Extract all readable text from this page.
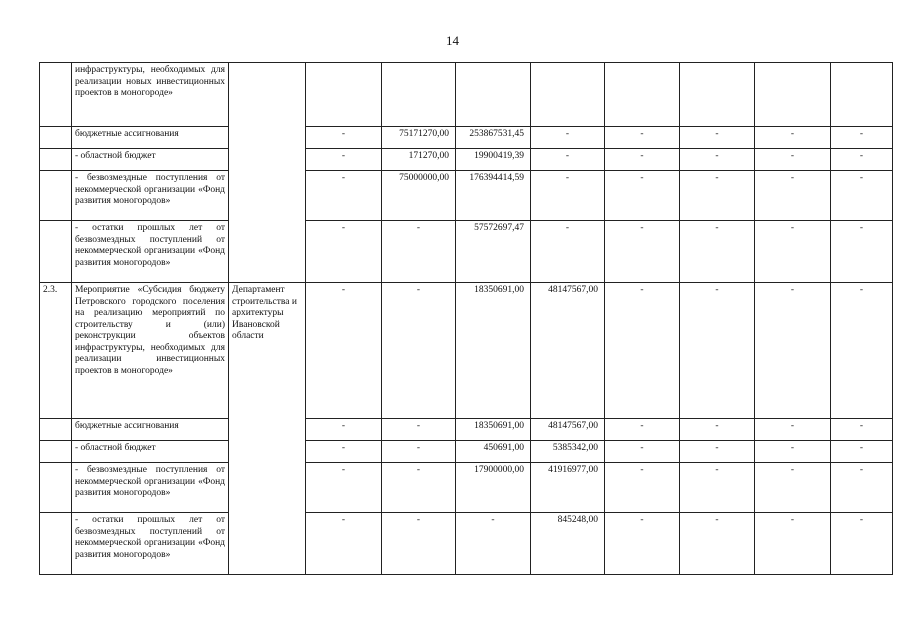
14
	инфраструктуры, необходимых для реализации новых инвестиционных проектов в моногороде»									
	бюджетные ассигнования		-	75171270,00	253867531,45	-	-	-	-	-
	- областной бюджет		-	171270,00	19900419,39	-	-	-	-	-
	- безвозмездные поступления от некоммерческой организации «Фонд развития моногородов»		-	75000000,00	176394414,59	-	-	-	-	-
	- остатки прошлых лет от безвозмездных поступлений от некоммерческой организации «Фонд развития моногородов»		-	-	57572697,47	-	-	-	-	-
2.3.	Мероприятие «Субсидия бюджету Петровского городского поселения на реализацию мероприятий по строительству и (или) реконструкции объектов инфраструктуры, необходимых для реализации инвестиционных проектов в моногороде»	Департамент строительства и архитектуры Ивановской области	-	-	18350691,00	48147567,00	-	-	-	-
	бюджетные ассигнования		-	-	18350691,00	48147567,00	-	-	-	-
	- областной бюджет		-	-	450691,00	5385342,00	-	-	-	-
	- безвозмездные поступления от некоммерческой организации «Фонд развития моногородов»		-	-	17900000,00	41916977,00	-	-	-	-
	- остатки прошлых лет от безвозмездных поступлений от некоммерческой организации «Фонд развития моногородов»		-	-	-	845248,00	-	-	-	-
